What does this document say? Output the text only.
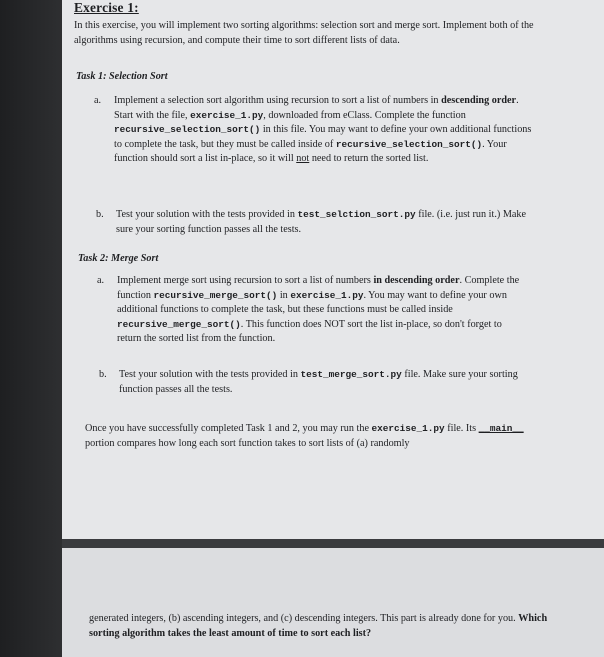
Exercise 1:
In this exercise, you will implement two sorting algorithms: selection sort and merge sort. Implement both of the algorithms using recursion, and compute their time to sort different lists of data.
Task 1: Selection Sort
a. Implement a selection sort algorithm using recursion to sort a list of numbers in descending order. Start with the file, exercise_1.py, downloaded from eClass. Complete the function recursive_selection_sort() in this file. You may want to define your own additional functions to complete the task, but they must be called inside of recursive_selection_sort(). Your function should sort a list in-place, so it will not need to return the sorted list.
b. Test your solution with the tests provided in test_selction_sort.py file. (i.e. just run it.) Make sure your sorting function passes all the tests.
Task 2: Merge Sort
a. Implement merge sort using recursion to sort a list of numbers in descending order. Complete the function recursive_merge_sort() in exercise_1.py. You may want to define your own additional functions to complete the task, but these functions must be called inside recursive_merge_sort(). This function does NOT sort the list in-place, so don't forget to return the sorted list from the function.
b. Test your solution with the tests provided in test_merge_sort.py file. Make sure your sorting function passes all the tests.
Once you have successfully completed Task 1 and 2, you may run the exercise_1.py file. Its __main__ portion compares how long each sort function takes to sort lists of (a) randomly
generated integers, (b) ascending integers, and (c) descending integers. This part is already done for you. Which sorting algorithm takes the least amount of time to sort each list?
